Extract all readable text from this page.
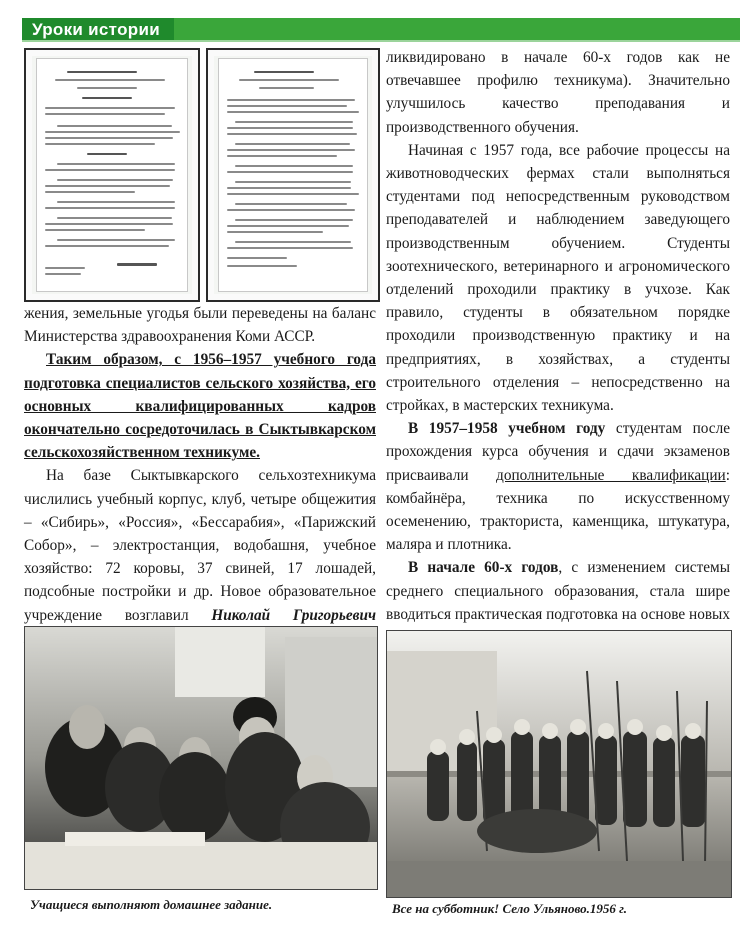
Уроки истории

жения, земельные угодья были переведены на баланс Министерства здравоохранения Коми АССР.

Таким образом, с 1956–1957 учебного года подготовка специалистов сельского хозяйства, его основных квалифицированных кадров окончательно сосредоточилась в Сыктывкарском сельскохозяйственном техникуме.

На базе Сыктывкарского сельхозтехникума числились учебный корпус, клуб, четыре общежития – «Сибирь», «Россия», «Бессарабия», «Парижский Собор», – электростанция, водобашня, учебное хозяйство: 72 коровы, 37 свиней, 17 лошадей, подсобные постройки и др. Новое образовательное учреждение возглавил Николай Григорьевич

ликвидировано в начале 60-х годов как не отвечавшее профилю техникума). Значительно улучшилось качество преподавания и производственного обучения.

Начиная с 1957 года, все рабочие процессы на животноводческих фермах стали выполняться студентами под непосредственным руководством преподавателей и наблюдением заведующего производственным обучением. Студенты зоотехнического, ветеринарного и агрономического отделений проходили практику в учхозе. Как правило, студенты в обязательном порядке проходили производственную практику и на предприятиях, в хозяйствах, а студенты строительного отделения – непосредственно на стройках, в мастерских техникума.

В 1957–1958 учебном году студентам после прохождения курса обучения и сдачи экзаменов присваивали дополнительные квалификации: комбайнёра, техника по искусственному осеменению, тракториста, каменщика, штукатура, маляра и плотника.

В начале 60-х годов, с изменением системы среднего специального образования, стала шире вводиться практическая подготовка на основе новых

Учащиеся выполняют домашнее задание.	Все на субботник! Село Ульяново.1956 г.
